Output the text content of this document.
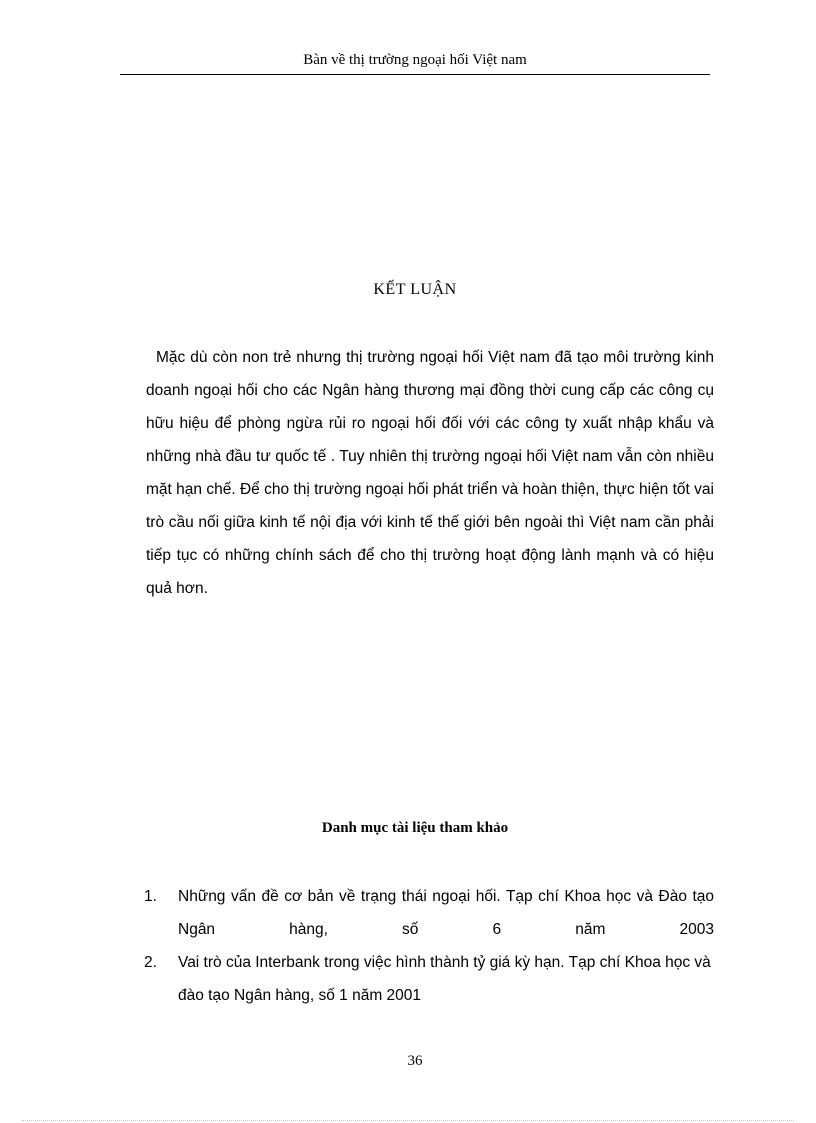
Bàn về thị trường ngoại hối Việt nam
KẾT LUẬN

Mặc dù còn non trẻ nhưng thị trường ngoại hối Việt nam đã tạo môi trường kinh doanh ngoại hối cho các Ngân hàng thương mại đồng thời cung cấp các công cụ hữu hiệu để phòng ngừa rủi ro ngoại hối đối với các công ty xuất nhập khẩu và những nhà đầu tư quốc tế . Tuy nhiên thị trường ngoại hối Việt nam vẫn còn nhiều mặt hạn chế. Để cho thị trường ngoại hối phát triển và hoàn thiện, thực hiện tốt vai trò cầu nối giữa kinh tế nội địa với kinh tế thế giới bên ngoài thì Việt nam cần phải tiếp tục có những chính sách để cho thị trường hoạt động lành mạnh và có hiệu quả hơn.

Danh mục tài liệu tham khảo
1. Những vấn đề cơ bản về trạng thái ngoại hối. Tạp chí Khoa học và Đào tạo Ngân hàng, số 6 năm 2003
2. Vai trò của Interbank trong việc hình thành tỷ giá kỳ hạn. Tạp chí Khoa học và đào tạo Ngân hàng, số 1 năm 2001
36
